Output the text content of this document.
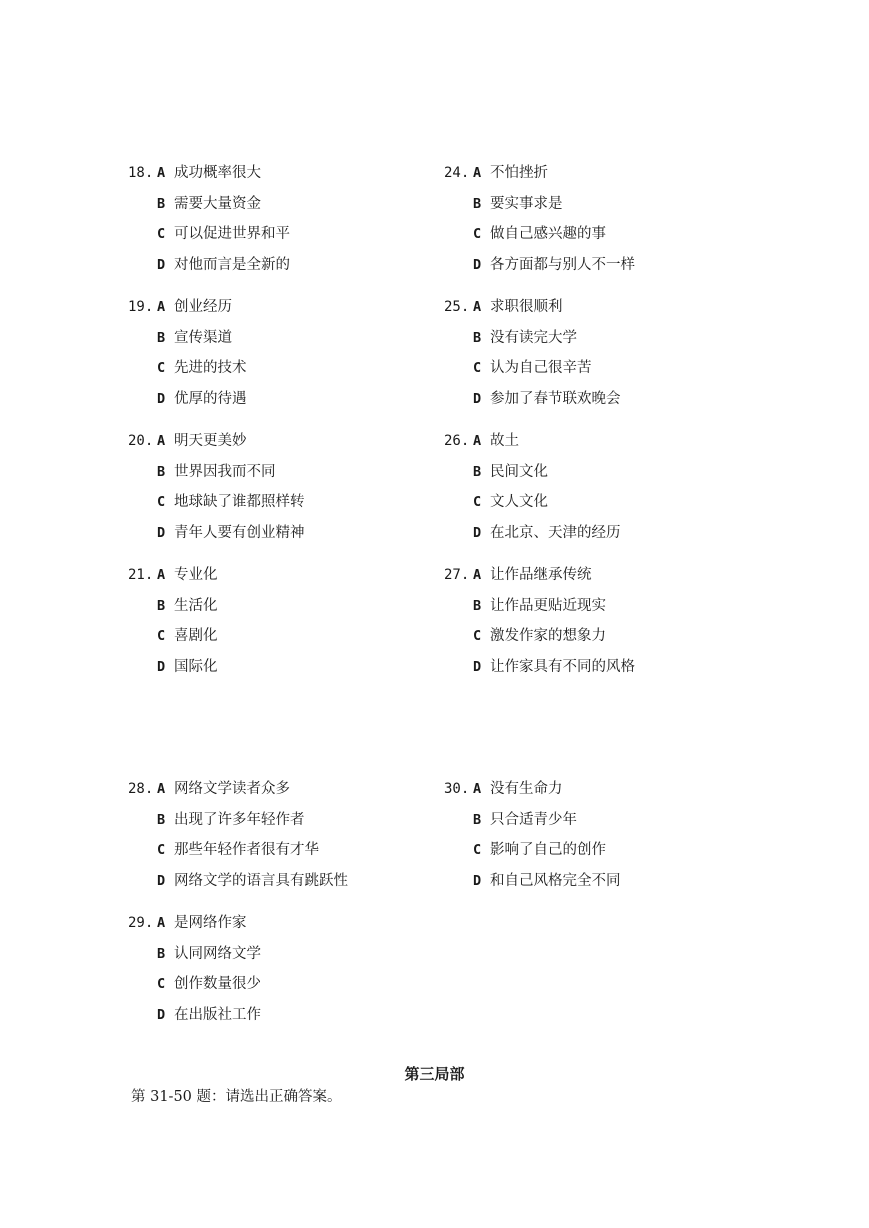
18. A 成功概率很大
B 需要大量资金
C 可以促进世界和平
D 对他而言是全新的
19. A 创业经历
B 宣传渠道
C 先进的技术
D 优厚的待遇
20. A 明天更美妙
B 世界因我而不同
C 地球缺了谁都照样转
D 青年人要有创业精神
21. A 专业化
B 生活化
C 喜剧化
D 国际化
24. A 不怕挫折
B 要实事求是
C 做自己感兴趣的事
D 各方面都与别人不一样
25. A 求职很顺利
B 没有读完大学
C 认为自己很辛苦
D 参加了春节联欢晚会
26. A 故土
B 民间文化
C 文人文化
D 在北京、天津的经历
27. A 让作品继承传统
B 让作品更贴近现实
C 激发作家的想象力
D 让作家具有不同的风格
28. A 网络文学读者众多
B 出现了许多年轻作者
C 那些年轻作者很有才华
D 网络文学的语言具有跳跃性
29. A 是网络作家
B 认同网络文学
C 创作数量很少
D 在出版社工作
30. A 没有生命力
B 只合适青少年
C 影响了自己的创作
D 和自己风格完全不同
第三局部
第 31-50 题：请选出正确答案。
